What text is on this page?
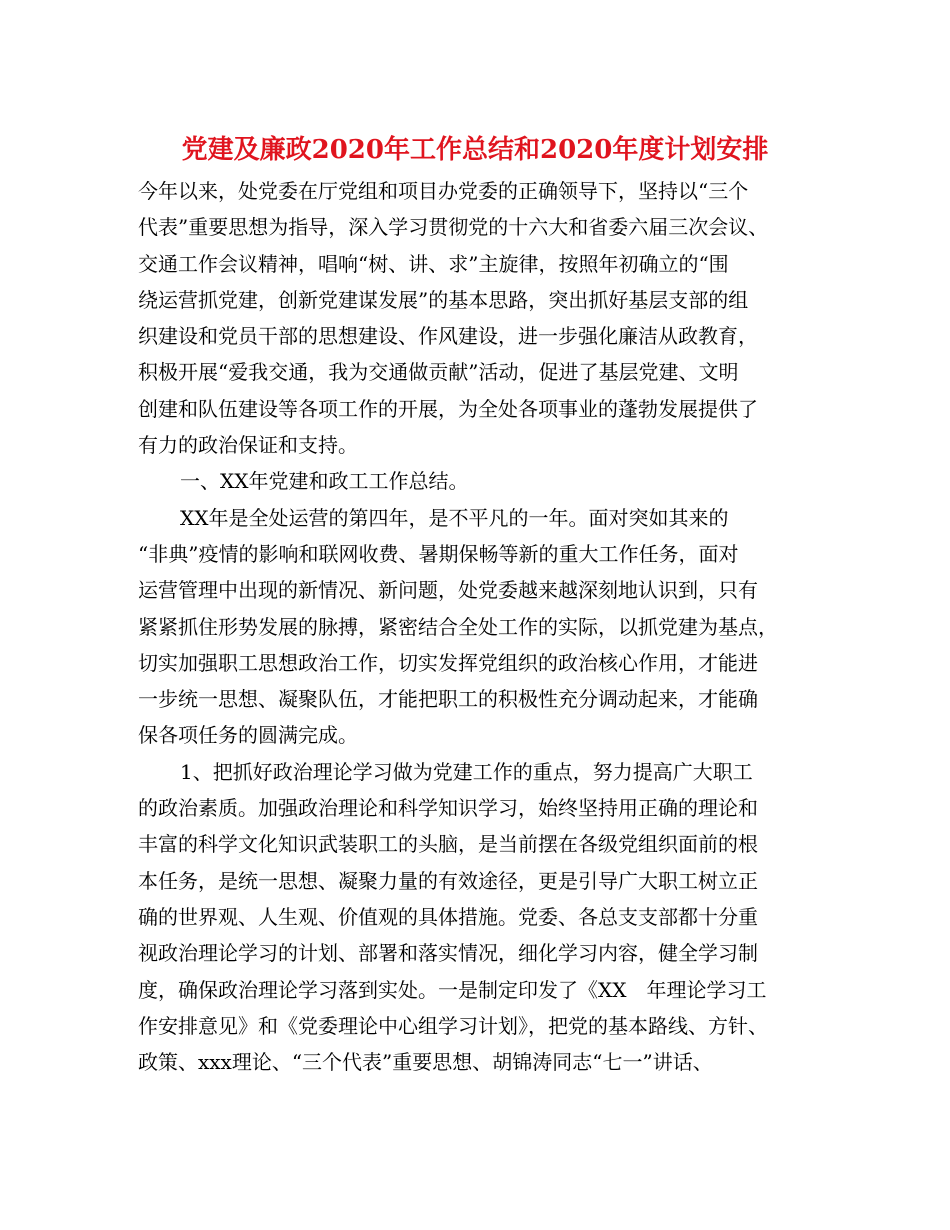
党建及廉政2020年工作总结和2020年度计划安排
今年以来，处党委在厅党组和项目办党委的正确领导下，坚持以“三个
代表”重要思想为指导，深入学习贯彻党的十六大和省委六届三次会议、
交通工作会议精神，唱响“树、讲、求”主旋律，按照年初确立的“围
绕运营抓党建，创新党建谋发展”的基本思路，突出抓好基层支部的组
织建设和党员干部的思想建设、作风建设，进一步强化廉洁从政教育，
积极开展“爱我交通，我为交通做贡献”活动，促进了基层党建、文明
创建和队伍建设等各项工作的开展，为全处各项事业的蓬勃发展提供了
有力的政治保证和支持。
一、XX年党建和政工工作总结。
XX年是全处运营的第四年，是不平凡的一年。面对突如其来的
“非典”疫情的影响和联网收费、暑期保畅等新的重大工作任务，面对
运营管理中出现的新情况、新问题，处党委越来越深刻地认识到，只有
紧紧抓住形势发展的脉搏，紧密结合全处工作的实际，以抓党建为基点，
切实加强职工思想政治工作，切实发挥党组织的政治核心作用，才能进
一步统一思想、凝聚队伍，才能把职工的积极性充分调动起来，才能确
保各项任务的圆满完成。
1、把抓好政治理论学习做为党建工作的重点，努力提高广大职工
的政治素质。加强政治理论和科学知识学习，始终坚持用正确的理论和
丰富的科学文化知识武装职工的头脑，是当前摆在各级党组织面前的根
本任务，是统一思想、凝聚力量的有效途径，更是引导广大职工树立正
确的世界观、人生观、价值观的具体措施。党委、各总支支部都十分重
视政治理论学习的计划、部署和落实情况，细化学习内容，健全学习制
度，确保政治理论学习落到实处。一是制定印发了《XX　年理论学习工
作安排意见》和《党委理论中心组学习计划》，把党的基本路线、方针、
政策、xxx理论、“三个代表”重要思想、胡锦涛同志“七一”讲话、
